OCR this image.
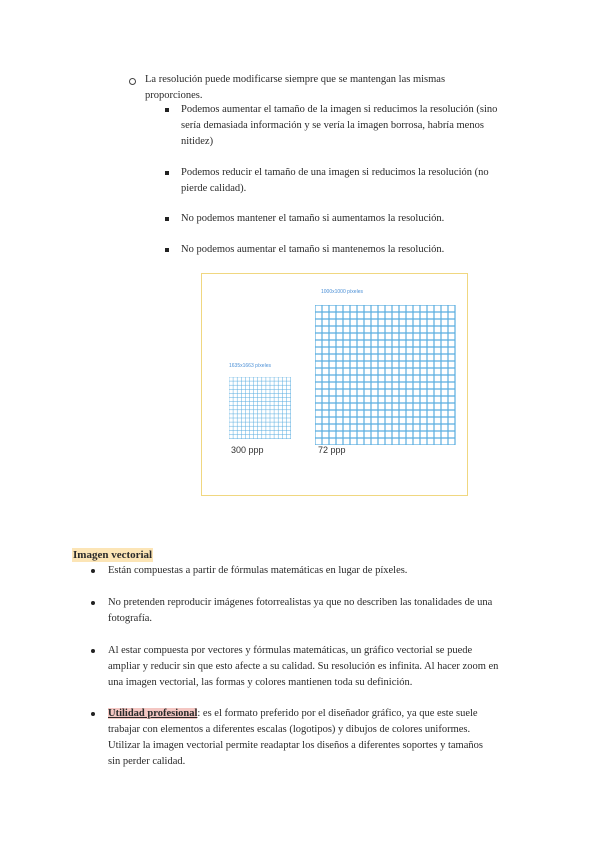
La resolución puede modificarse siempre que se mantengan las mismas
proporciones.
Podemos aumentar el tamaño de la imagen si reducimos la resolución (sino
sería demasiada información y se vería la imagen borrosa, habría menos
nitidez)
Podemos reducir el tamaño de una imagen si reducimos la resolución (no
pierde calidad).
No podemos mantener el tamaño si aumentamos la resolución.
No podemos aumentar el tamaño si mantenemos la resolución.
1000x1000 píxeles
1635x1663 píxeles
300 ppp	72 ppp
Imagen vectorial
Están compuestas a partir de fórmulas matemáticas en lugar de píxeles.
No pretenden reproducir imágenes fotorrealistas ya que no describen las tonalidades de una
fotografía.
Al estar compuesta por vectores y fórmulas matemáticas, un gráfico vectorial se puede
ampliar y reducir sin que esto afecte a su calidad. Su resolución es infinita. Al hacer zoom en
una imagen vectorial, las formas y colores mantienen toda su definición.
Utilidad profesional: es el formato preferido por el diseñador gráfico, ya que este suele
trabajar con elementos a diferentes escalas (logotipos) y dibujos de colores uniformes.
Utilizar la imagen vectorial permite readaptar los diseños a diferentes soportes y tamaños
sin perder calidad.
